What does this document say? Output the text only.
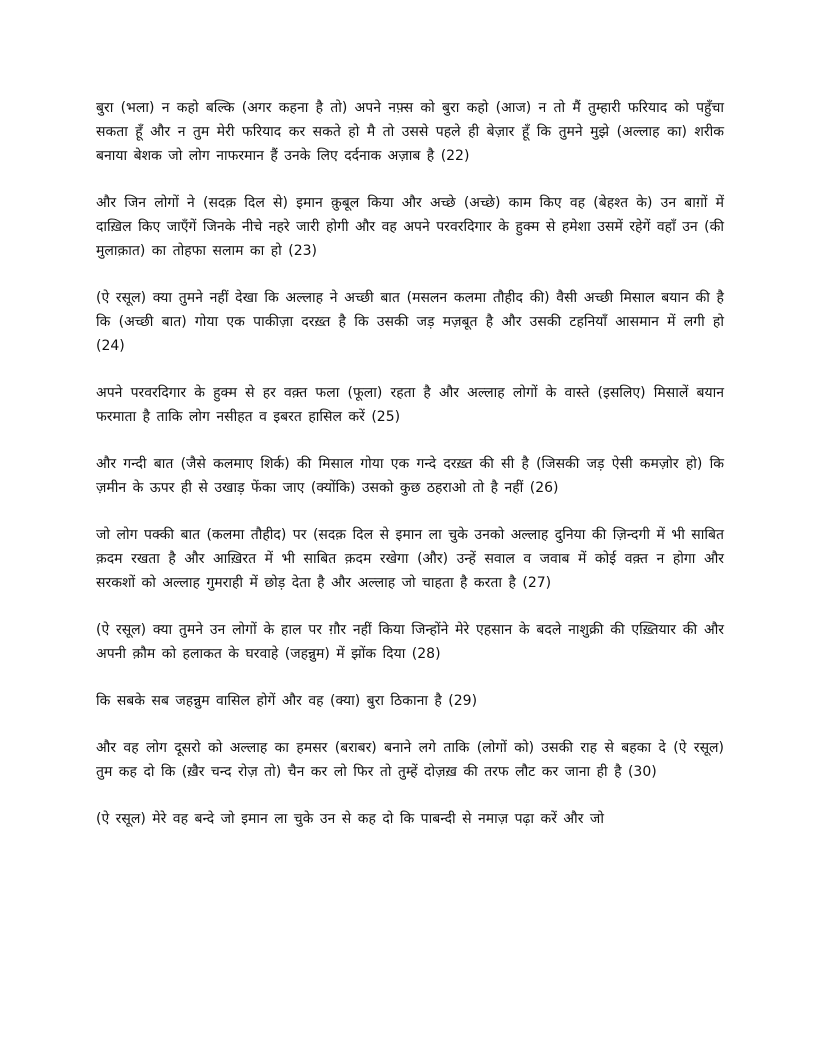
बुरा (भला) न कहो बल्कि (अगर कहना है तो) अपने नफ़्स को बुरा कहो (आज) न तो मैं तुम्हारी फरियाद को पहुँचा सकता हूँ और न तुम मेरी फरियाद कर सकते हो मै तो उससे पहले ही बेज़ार हूँ कि तुमने मुझे (अल्लाह का) शरीक बनाया बेशक जो लोग नाफरमान हैं उनके लिए दर्दनाक अज़ाब है (22)

और जिन लोगों ने (सदक़ दिल से) इमान क़ुबूल किया और अच्छे (अच्छे) काम किए वह (बेहश्त के) उन बाग़ों में दाख़िल किए जाएँगें जिनके नीचे नहरे जारी होगी और वह अपने परवरदिगार के हुक्म से हमेशा उसमें रहेगें वहाँ उन (की मुलाक़ात) का तोहफा सलाम का हो (23)

(ऐ रसूल) क्या तुमने नहीं देखा कि अल्लाह ने अच्छी बात (मसलन कलमा तौहीद की) वैसी अच्छी मिसाल बयान की है कि (अच्छी बात) गोया एक पाकीज़ा दरख़्त है कि उसकी जड़ मज़बूत है और उसकी टहनियाँ आसमान में लगी हो (24)

अपने परवरदिगार के हुक्म से हर वक़्त फला (फूला) रहता है और अल्लाह लोगों के वास्ते (इसलिए) मिसालें बयान फरमाता है ताकि लोग नसीहत व इबरत हासिल करें (25)

और गन्दी बात (जैसे कलमाए शिर्क) की मिसाल गोया एक गन्दे दरख़्त की सी है (जिसकी जड़ ऐसी कमज़ोर हो) कि ज़मीन के ऊपर ही से उखाड़ फेंका जाए (क्योंकि) उसको कुछ ठहराओ तो है नहीं (26)

जो लोग पक्की बात (कलमा तौहीद) पर (सदक़ दिल से इमान ला चुके उनको अल्लाह दुनिया की ज़िन्दगी में भी साबित क़दम रखता है और आख़िरत में भी साबित क़दम रखेगा (और) उन्हें सवाल व जवाब में कोई वक़्त न होगा और सरकशों को अल्लाह गुमराही में छोड़ देता है और अल्लाह जो चाहता है करता है (27)

(ऐ रसूल) क्या तुमने उन लोगों के हाल पर ग़ौर नहीं किया जिन्होंने मेरे एहसान के बदले नाशुक्री की एख़्तियार की और अपनी क़ौम को हलाकत के घरवाहे (जहन्नुम) में झोंक दिया (28)

कि सबके सब जहन्नुम वासिल होगें और वह (क्या) बुरा ठिकाना है (29)

और वह लोग दूसरो को अल्लाह का हमसर (बराबर) बनाने लगे ताकि (लोगों को) उसकी राह से बहका दे (ऐ रसूल) तुम कह दो कि (ख़ैर चन्द रोज़ तो) चैन कर लो फिर तो तुम्हें दोज़ख़ की तरफ लौट कर जाना ही है (30)

(ऐ रसूल) मेरे वह बन्दे जो इमान ला चुके उन से कह दो कि पाबन्दी से नमाज़ पढ़ा करें और जो
